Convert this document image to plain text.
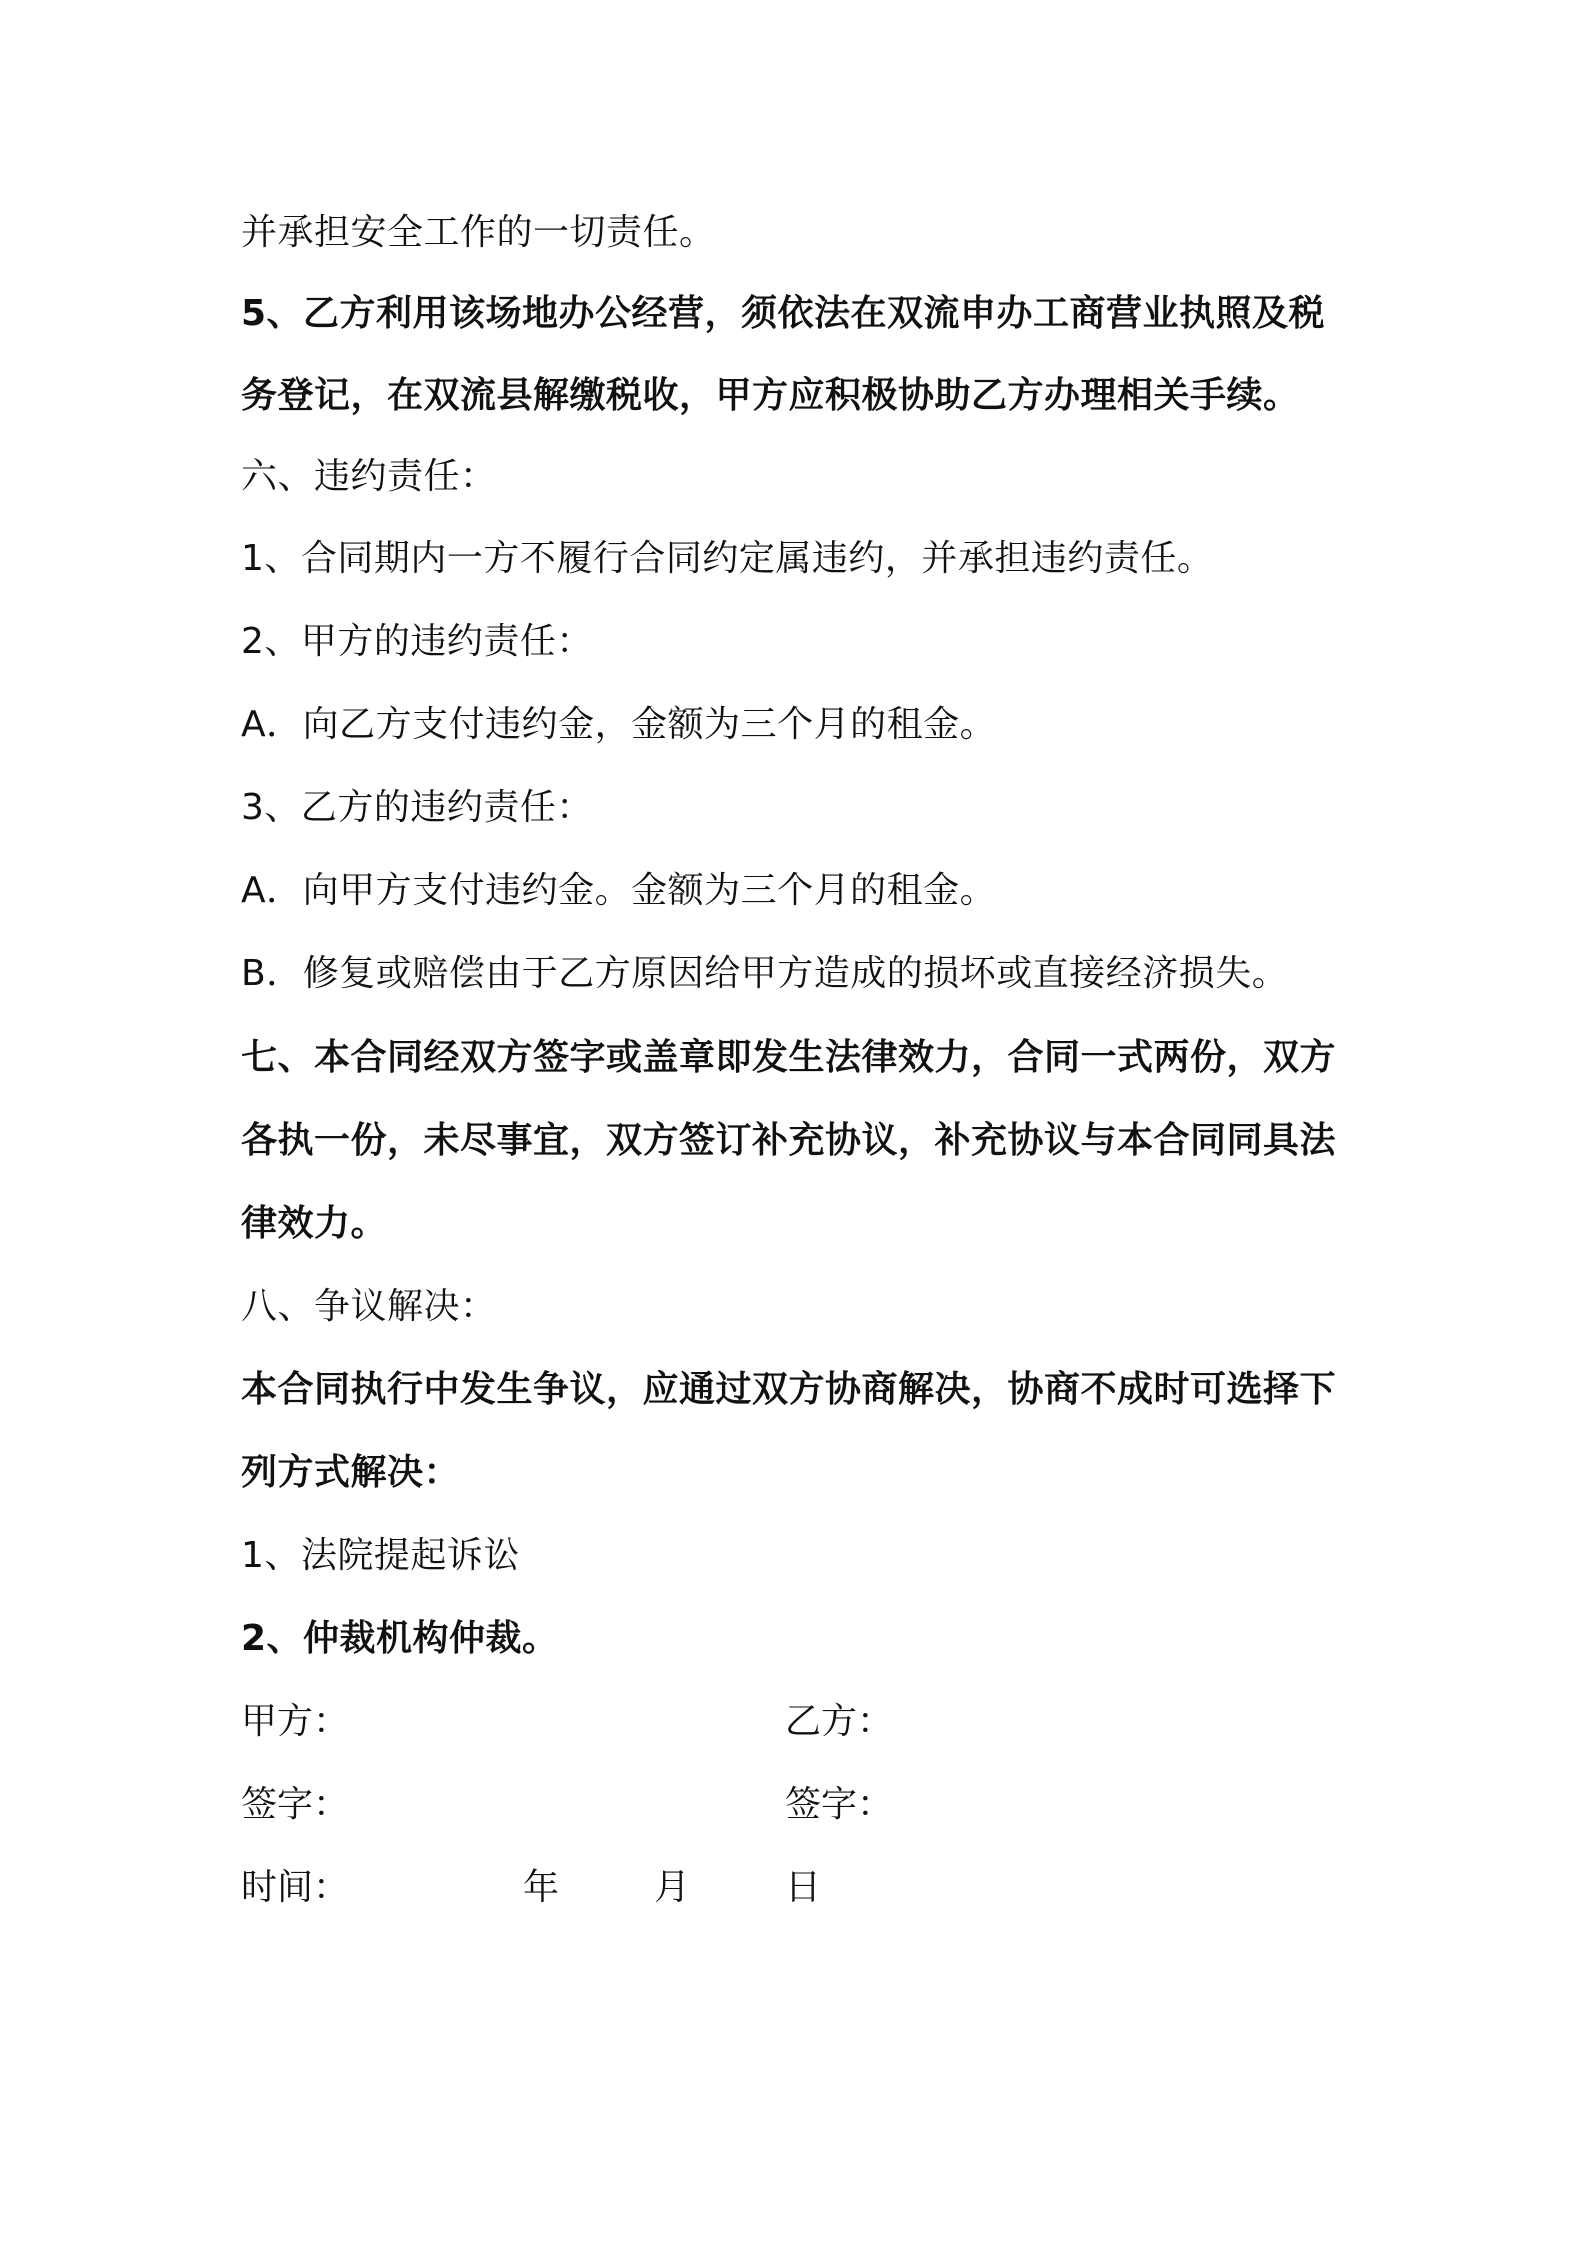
并承担安全工作的一切责任。
5、乙方利用该场地办公经营，须依法在双流申办工商营业执照及税
务登记，在双流县解缴税收，甲方应积极协助乙方办理相关手续。
六、违约责任：
1、合同期内一方不履行合同约定属违约，并承担违约责任。
2、甲方的违约责任：
A．向乙方支付违约金，金额为三个月的租金。
3、乙方的违约责任：
A．向甲方支付违约金。金额为三个月的租金。
B．修复或赔偿由于乙方原因给甲方造成的损坏或直接经济损失。
七、本合同经双方签字或盖章即发生法律效力，合同一式两份，双方
各执一份，未尽事宜，双方签订补充协议，补充协议与本合同同具法
律效力。
八、争议解决：
本合同执行中发生争议，应通过双方协商解决，协商不成时可选择下
列方式解决：
1、法院提起诉讼
2、仲裁机构仲裁。
甲方：	乙方：
签字：	签字：
时间：	年	月	日
